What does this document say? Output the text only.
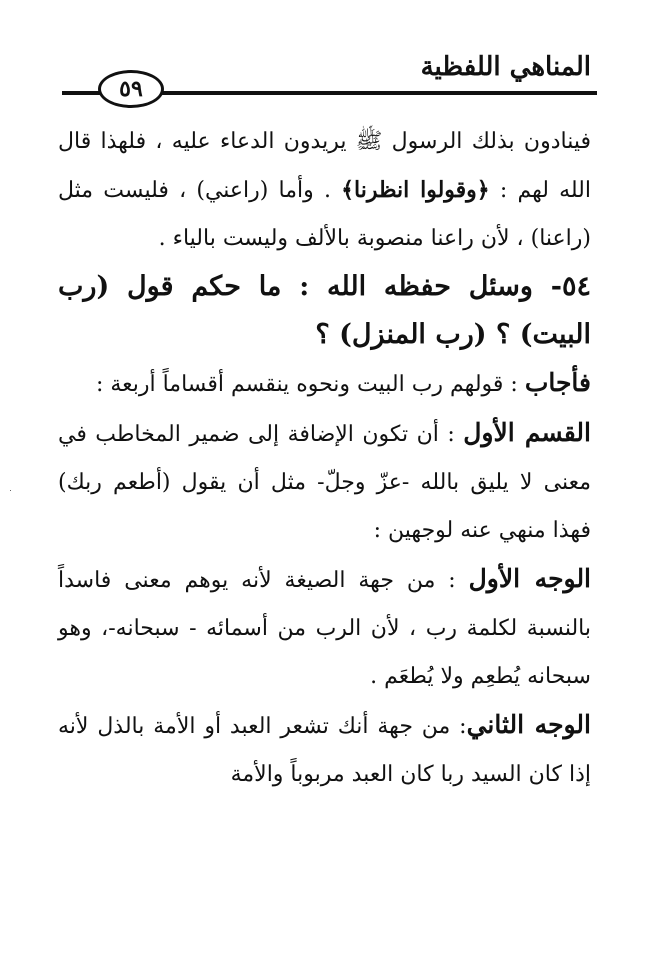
المناهي اللفظية
٥٩

فينادون بذلك الرسول ﷺ يريدون الدعاء عليه ، فلهذا قال الله لهم : ﴿وقولوا انظرنا﴾ . وأما (راعني) ، فليست مثل (راعنا) ، لأن راعنا منصوبة بالألف وليست بالياء .

٥٤- وسئل حفظه الله : ما حكم قول (رب البيت) ؟ (رب المنزل) ؟

فأجاب : قولهم رب البيت ونحوه ينقسم أقساماً أربعة :

القسم الأول : أن تكون الإضافة إلى ضمير المخاطب في معنى لا يليق بالله -عزّ وجلّ- مثل أن يقول (أطعم ربك) فهذا منهي عنه لوجهين :

الوجه الأول : من جهة الصيغة لأنه يوهم معنى فاسداً بالنسبة لكلمة رب ، لأن الرب من أسمائه - سبحانه-، وهو سبحانه يُطعِم ولا يُطعَم .

الوجه الثاني: من جهة أنك تشعر العبد أو الأمة بالذل لأنه إذا كان السيد ربا كان العبد مربوباً والأمة
